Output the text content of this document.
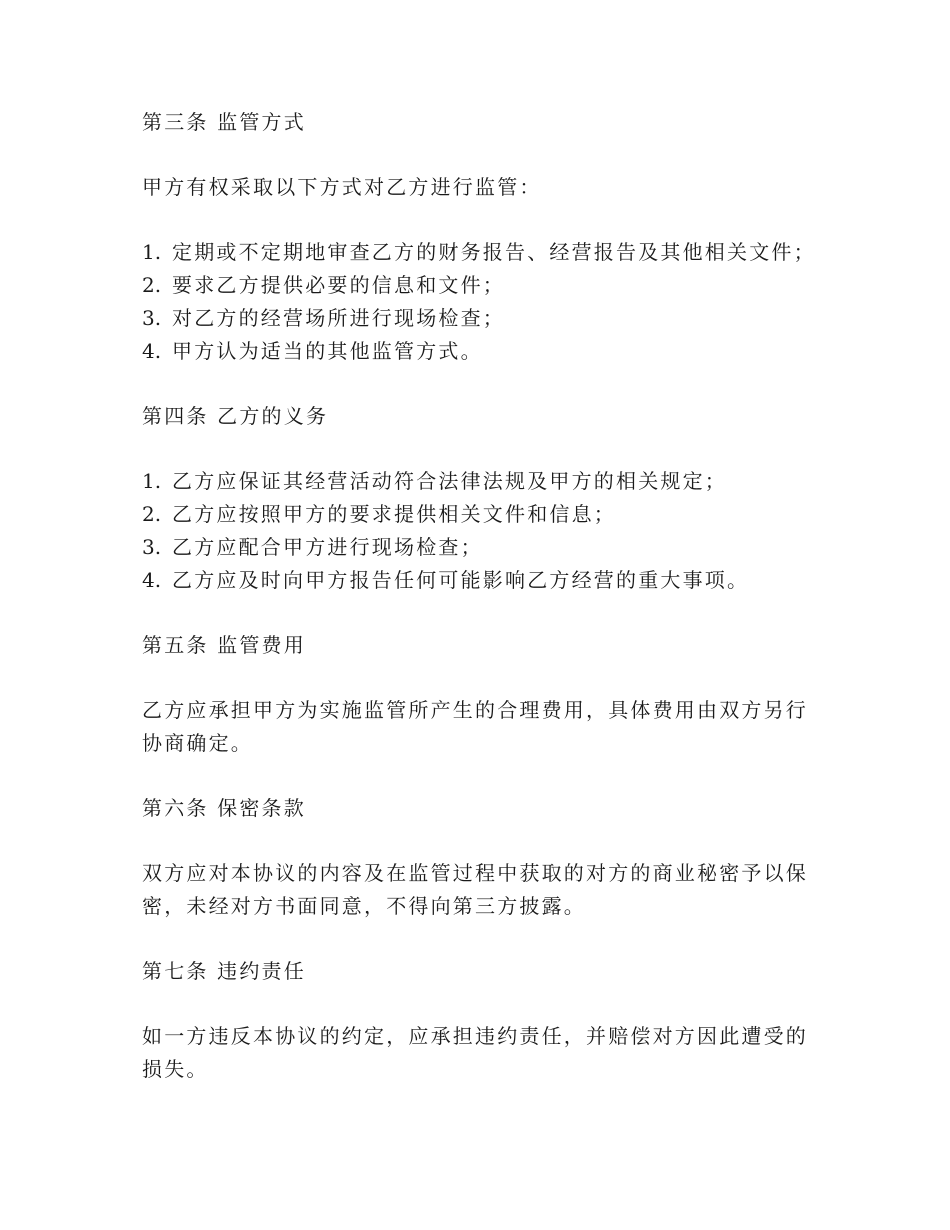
第三条 监管方式
甲方有权采取以下方式对乙方进行监管：
1. 定期或不定期地审查乙方的财务报告、经营报告及其他相关文件；
2. 要求乙方提供必要的信息和文件；
3. 对乙方的经营场所进行现场检查；
4. 甲方认为适当的其他监管方式。
第四条 乙方的义务
1. 乙方应保证其经营活动符合法律法规及甲方的相关规定；
2. 乙方应按照甲方的要求提供相关文件和信息；
3. 乙方应配合甲方进行现场检查；
4. 乙方应及时向甲方报告任何可能影响乙方经营的重大事项。
第五条 监管费用
乙方应承担甲方为实施监管所产生的合理费用，具体费用由双方另行
协商确定。
第六条 保密条款
双方应对本协议的内容及在监管过程中获取的对方的商业秘密予以保
密，未经对方书面同意，不得向第三方披露。
第七条 违约责任
如一方违反本协议的约定，应承担违约责任，并赔偿对方因此遭受的
损失。
